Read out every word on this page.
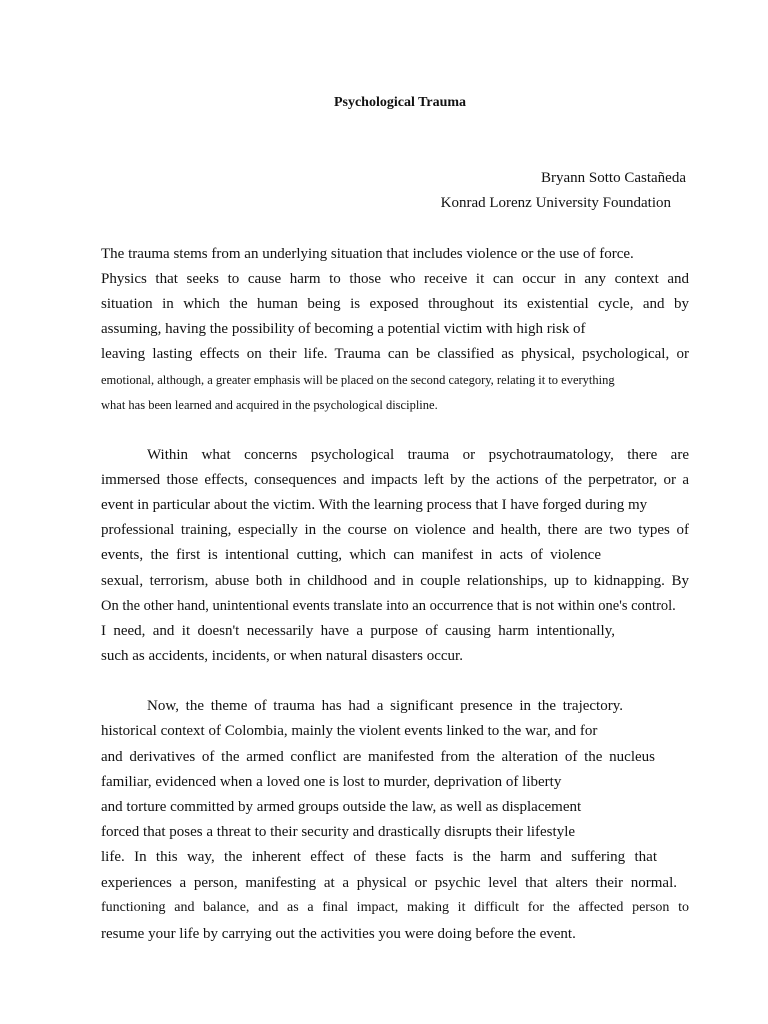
Psychological Trauma
Bryann Sotto Castañeda
Konrad Lorenz University Foundation
The trauma stems from an underlying situation that includes violence or the use of force.
Physics that seeks to cause harm to those who receive it can occur in any context and
situation in which the human being is exposed throughout its existential cycle, and by
assuming, having the possibility of becoming a potential victim with high risk of
leaving lasting effects on their life. Trauma can be classified as physical, psychological, or
emotional, although, a greater emphasis will be placed on the second category, relating it to everything
what has been learned and acquired in the psychological discipline.
Within what concerns psychological trauma or psychotraumatology, there are
immersed those effects, consequences and impacts left by the actions of the perpetrator, or a
event in particular about the victim. With the learning process that I have forged during my
professional training, especially in the course on violence and health, there are two types of
events, the first is intentional cutting, which can manifest in acts of violence
sexual, terrorism, abuse both in childhood and in couple relationships, up to kidnapping. By
On the other hand, unintentional events translate into an occurrence that is not within one's control.
I need, and it doesn't necessarily have a purpose of causing harm intentionally,
such as accidents, incidents, or when natural disasters occur.
Now, the theme of trauma has had a significant presence in the trajectory.
historical context of Colombia, mainly the violent events linked to the war, and for
and derivatives of the armed conflict are manifested from the alteration of the nucleus
familiar, evidenced when a loved one is lost to murder, deprivation of liberty
and torture committed by armed groups outside the law, as well as displacement
forced that poses a threat to their security and drastically disrupts their lifestyle
life. In this way, the inherent effect of these facts is the harm and suffering that
experiences a person, manifesting at a physical or psychic level that alters their normal.
functioning and balance, and as a final impact, making it difficult for the affected person to
resume your life by carrying out the activities you were doing before the event.
